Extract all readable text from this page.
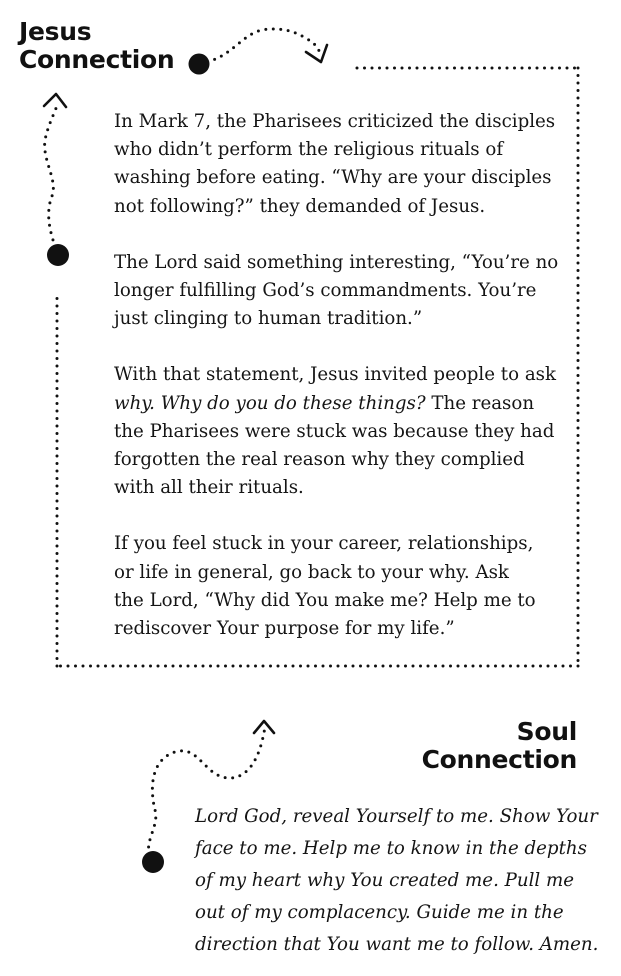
Jesus
Connection

In Mark 7, the Pharisees criticized the disciples
who didn’t perform the religious rituals of
washing before eating. “Why are your disciples
not following?” they demanded of Jesus.

The Lord said something interesting, “You’re no
longer fulfilling God’s commandments. You’re
just clinging to human tradition.”

With that statement, Jesus invited people to ask
why. Why do you do these things? The reason
the Pharisees were stuck was because they had
forgotten the real reason why they complied
with all their rituals.

If you feel stuck in your career, relationships,
or life in general, go back to your why. Ask
the Lord, “Why did You make me? Help me to
rediscover Your purpose for my life.”

Soul
Connection
Lord God, reveal Yourself to me. Show Your
face to me. Help me to know in the depths
of my heart why You created me. Pull me
out of my complacency. Guide me in the
direction that You want me to follow. Amen.
